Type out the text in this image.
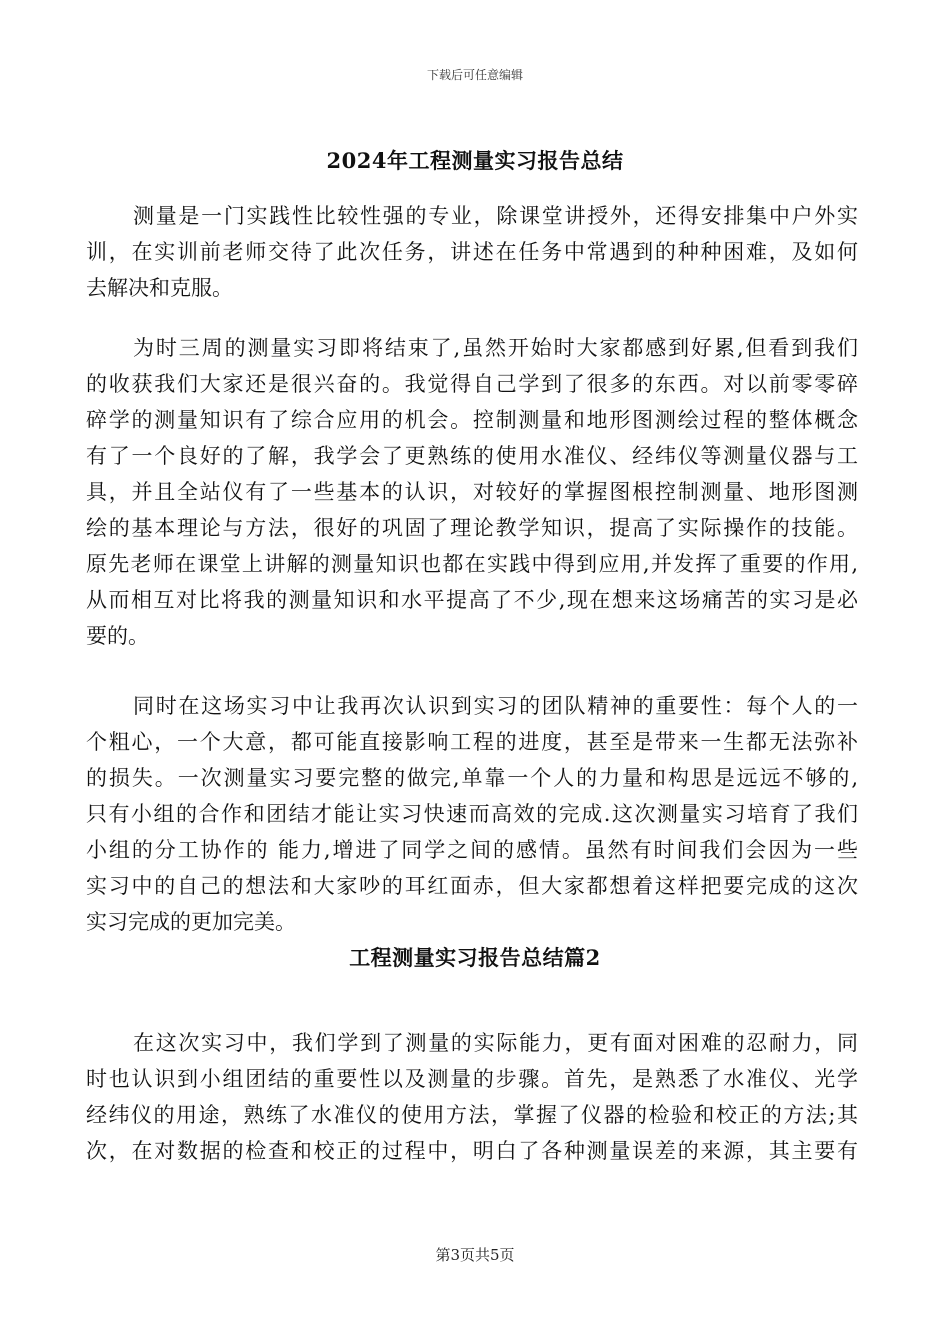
下载后可任意编辑
2024年工程测量实习报告总结
测量是一门实践性比较性强的专业，除课堂讲授外，还得安排集中户外实
训，在实训前老师交待了此次任务，讲述在任务中常遇到的种种困难，及如何
去解决和克服。
为时三周的测量实习即将结束了,虽然开始时大家都感到好累,但看到我们
的收获我们大家还是很兴奋的。我觉得自己学到了很多的东西。对以前零零碎
碎学的测量知识有了综合应用的机会。控制测量和地形图测绘过程的整体概念
有了一个良好的了解，我学会了更熟练的使用水准仪、经纬仪等测量仪器与工
具，并且全站仪有了一些基本的认识，对较好的掌握图根控制测量、地形图测
绘的基本理论与方法，很好的巩固了理论教学知识，提高了实际操作的技能。
原先老师在课堂上讲解的测量知识也都在实践中得到应用,并发挥了重要的作用,
从而相互对比将我的测量知识和水平提高了不少,现在想来这场痛苦的实习是必
要的。
同时在这场实习中让我再次认识到实习的团队精神的重要性：每个人的一
个粗心，一个大意，都可能直接影响工程的进度，甚至是带来一生都无法弥补
的损失。一次测量实习要完整的做完,单靠一个人的力量和构思是远远不够的,
只有小组的合作和团结才能让实习快速而高效的完成.这次测量实习培育了我们
小组的分工协作的 能力,增进了同学之间的感情。虽然有时间我们会因为一些
实习中的自己的想法和大家吵的耳红面赤，但大家都想着这样把要完成的这次
实习完成的更加完美。
工程测量实习报告总结篇2
在这次实习中，我们学到了测量的实际能力，更有面对困难的忍耐力，同
时也认识到小组团结的重要性以及测量的步骤。首先，是熟悉了水准仪、光学
经纬仪的用途，熟练了水准仪的使用方法，掌握了仪器的检验和校正的方法;其
次，在对数据的检查和校正的过程中，明白了各种测量误差的来源，其主要有
第3页共5页
